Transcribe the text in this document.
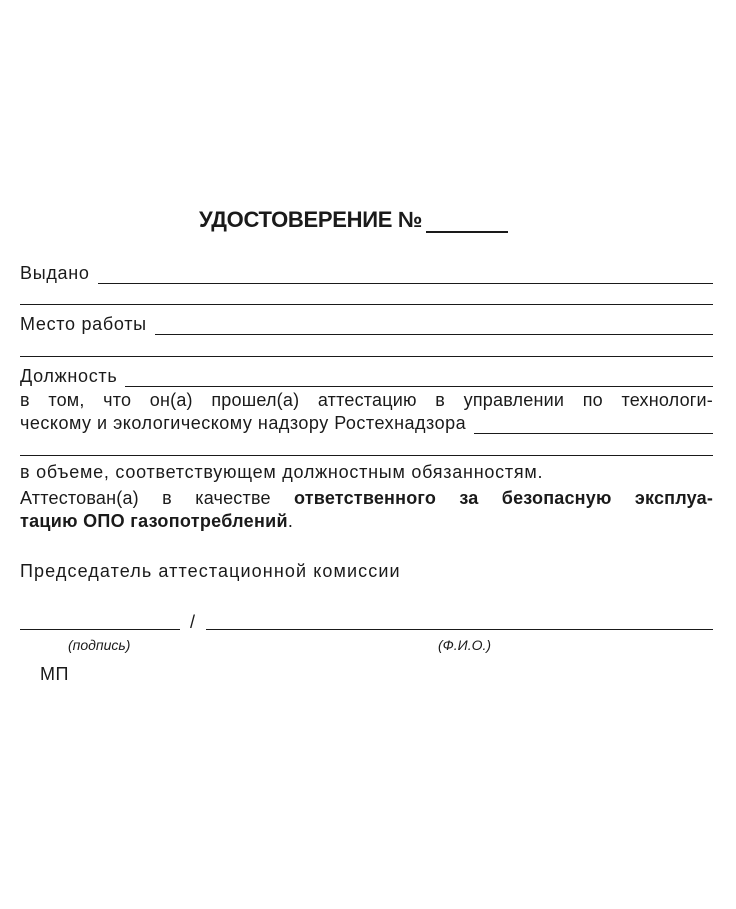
УДОСТОВЕРЕНИЕ №
Выдано
Место работы
Должность
в том, что он(а) прошел(а) аттестацию в управлении по технологи-
ческому и экологическому надзору Ростехнадзора
в объеме, соответствующем должностным обязанностям.
Аттестован(а) в качестве ответственного за безопасную эксплуа-
тацию ОПО газопотреблений.
Председатель аттестационной комиссии
/
(подпись)	(Ф.И.О.)
МП
